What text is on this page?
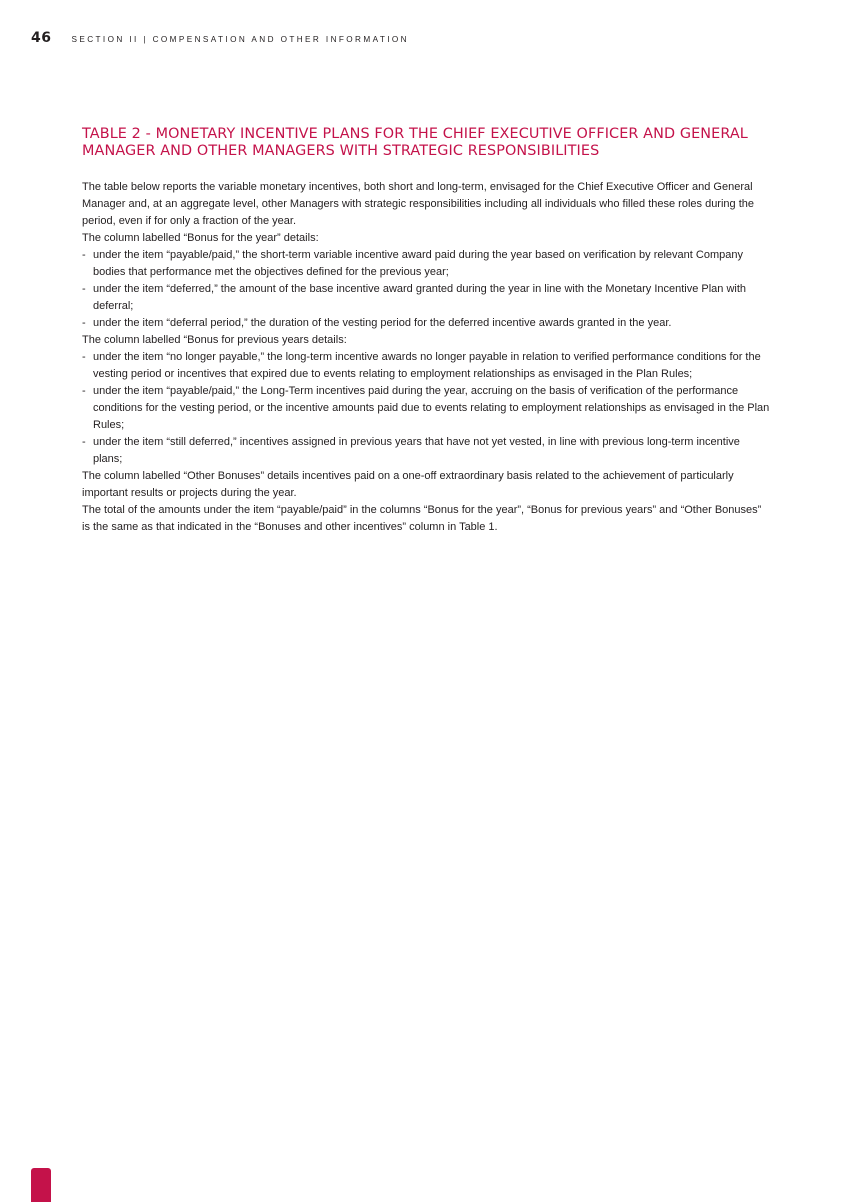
46 SECTION II | COMPENSATION AND OTHER INFORMATION
TABLE 2 - MONETARY INCENTIVE PLANS FOR THE CHIEF EXECUTIVE OFFICER AND GENERAL MANAGER AND OTHER MANAGERS WITH STRATEGIC RESPONSIBILITIES

The table below reports the variable monetary incentives, both short and long-term, envisaged for the Chief Executive Officer and General Manager and, at an aggregate level, other Managers with strategic responsibilities including all individuals who filled these roles during the period, even if for only a fraction of the year.

The column labelled “Bonus for the year” details:

- under the item “payable/paid,” the short-term variable incentive award paid during the year based on verification by relevant Company bodies that performance met the objectives defined for the previous year;
- under the item “deferred,” the amount of the base incentive award granted during the year in line with the Monetary Incentive Plan with deferral;
- under the item “deferral period,” the duration of the vesting period for the deferred incentive awards granted in the year.

The column labelled “Bonus for previous years details:

- under the item “no longer payable,” the long-term incentive awards no longer payable in relation to verified performance conditions for the vesting period or incentives that expired due to events relating to employment relationships as envisaged in the Plan Rules;
- under the item “payable/paid,” the Long-Term incentives paid during the year, accruing on the basis of verification of the performance conditions for the vesting period, or the incentive amounts paid due to events relating to employment relationships as envisaged in the Plan Rules;
- under the item “still deferred,” incentives assigned in previous years that have not yet vested, in line with previous long-term incentive plans;

The column labelled “Other Bonuses” details incentives paid on a one-off extraordinary basis related to the achievement of particularly important results or projects during the year.

The total of the amounts under the item “payable/paid” in the columns “Bonus for the year”, “Bonus for previous years” and “Other Bonuses” is the same as that indicated in the “Bonuses and other incentives” column in Table 1.
